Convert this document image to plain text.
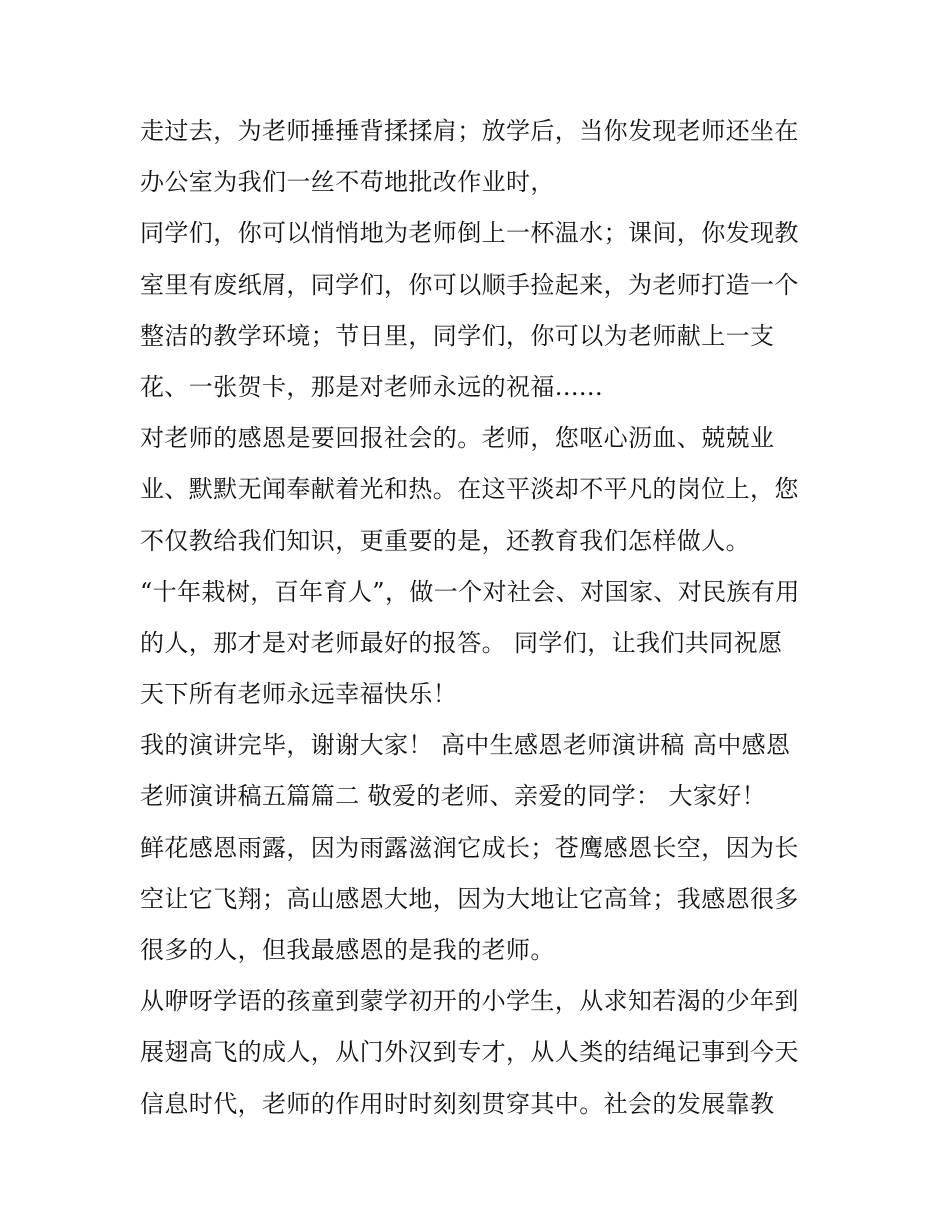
走过去，为老师捶捶背揉揉肩；放学后，当你发现老师还坐在
办公室为我们一丝不苟地批改作业时，
同学们，你可以悄悄地为老师倒上一杯温水；课间，你发现教
室里有废纸屑，同学们，你可以顺手捡起来，为老师打造一个
整洁的教学环境；节日里，同学们，你可以为老师献上一支
花、一张贺卡，那是对老师永远的祝福......
对老师的感恩是要回报社会的。老师，您呕心沥血、兢兢业
业、默默无闻奉献着光和热。在这平淡却不平凡的岗位上，您
不仅教给我们知识，更重要的是，还教育我们怎样做人。
“十年栽树，百年育人”，做一个对社会、对国家、对民族有用
的人，那才是对老师最好的报答。 同学们，让我们共同祝愿
天下所有老师永远幸福快乐！
我的演讲完毕，谢谢大家！ 高中生感恩老师演讲稿 高中感恩
老师演讲稿五篇篇二 敬爱的老师、亲爱的同学： 大家好！
鲜花感恩雨露，因为雨露滋润它成长；苍鹰感恩长空，因为长
空让它飞翔；高山感恩大地，因为大地让它高耸；我感恩很多
很多的人，但我最感恩的是我的老师。
从咿呀学语的孩童到蒙学初开的小学生，从求知若渴的少年到
展翅高飞的成人，从门外汉到专才，从人类的结绳记事到今天
信息时代，老师的作用时时刻刻贯穿其中。社会的发展靠教
